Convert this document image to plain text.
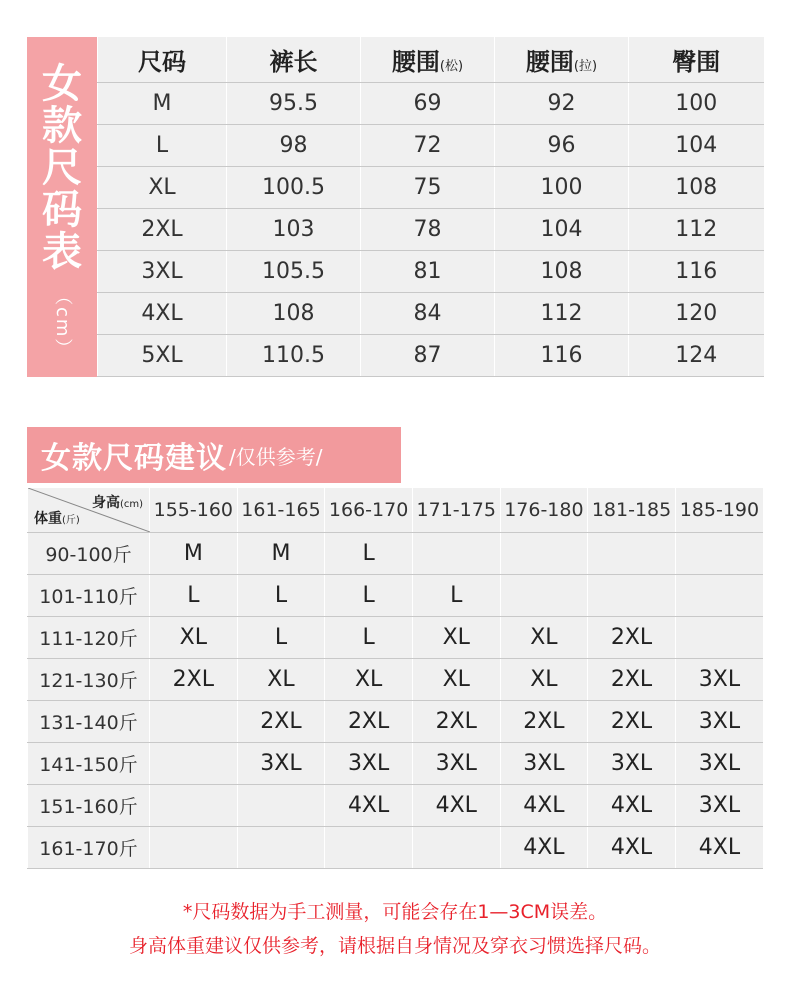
女
款
尺
码
表
（cm）
尺码	裤长	腰围(松)	腰围(拉)	臀围
M	95.5	69	92	100
L	98	72	96	104
XL	100.5	75	100	108
2XL	103	78	104	112
3XL	105.5	81	108	116
4XL	108	84	112	120
5XL	110.5	87	116	124
女款尺码建议 /仅供参考/
身高(cm)
体重(斤)	155-160	161-165	166-170	171-175	176-180	181-185	185-190
90-100斤	M	M	L				
101-110斤	L	L	L	L			
111-120斤	XL	L	L	XL	XL	2XL	
121-130斤	2XL	XL	XL	XL	XL	2XL	3XL
131-140斤		2XL	2XL	2XL	2XL	2XL	3XL
141-150斤		3XL	3XL	3XL	3XL	3XL	3XL
151-160斤			4XL	4XL	4XL	4XL	3XL
161-170斤					4XL	4XL	4XL
*尺码数据为手工测量，可能会存在1—3CM误差。
身高体重建议仅供参考，请根据自身情况及穿衣习惯选择尺码。
